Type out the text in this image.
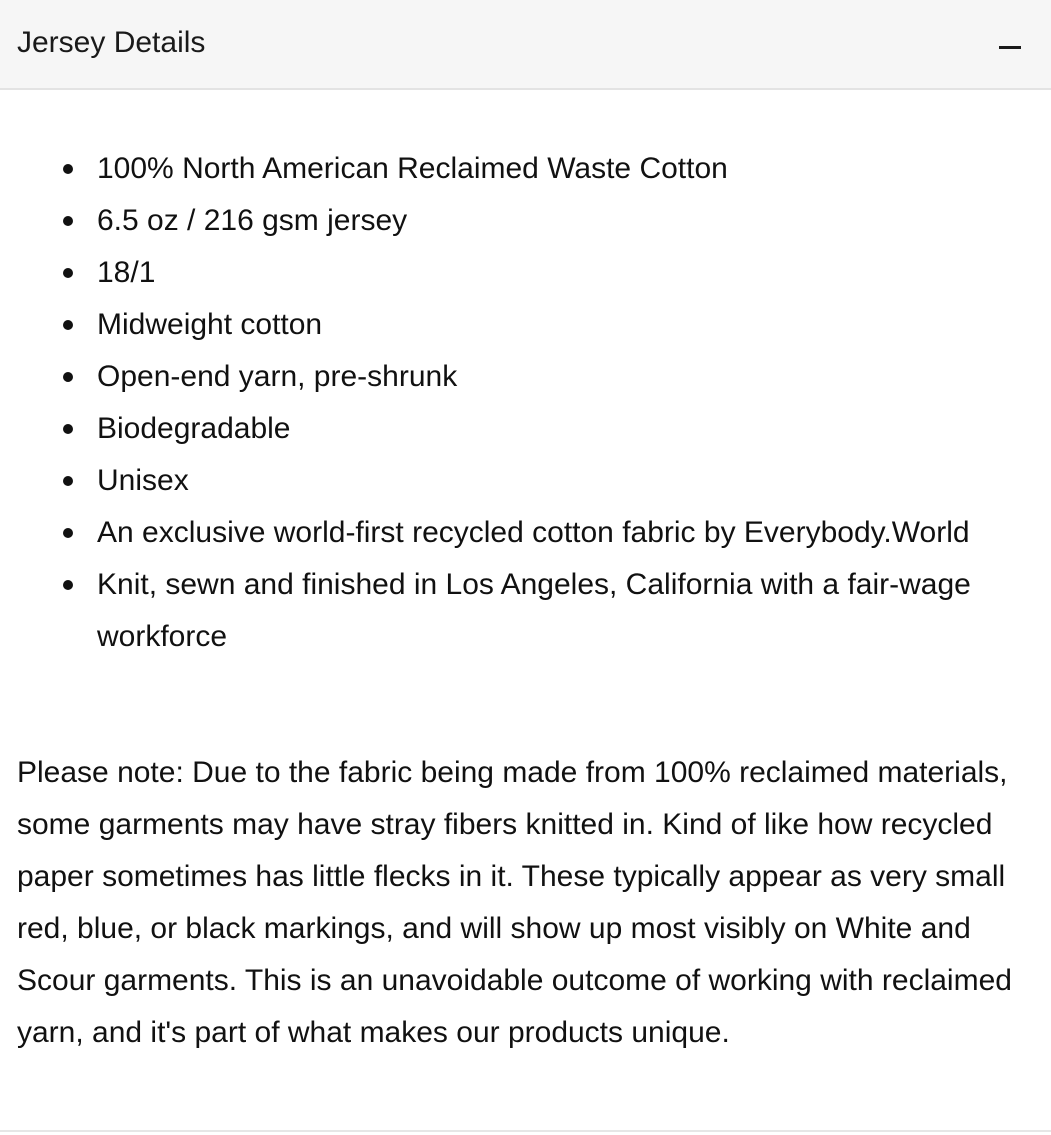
Jersey Details
100% North American Reclaimed Waste Cotton
6.5 oz / 216 gsm jersey
18/1
Midweight cotton
Open-end yarn, pre-shrunk
Biodegradable
Unisex
An exclusive world-first recycled cotton fabric by Everybody.World
Knit, sewn and finished in Los Angeles, California with a fair-wage workforce

Please note: Due to the fabric being made from 100% reclaimed materials, some garments may have stray fibers knitted in. Kind of like how recycled paper sometimes has little flecks in it. These typically appear as very small red, blue, or black markings, and will show up most visibly on White and Scour garments. This is an unavoidable outcome of working with reclaimed yarn, and it's part of what makes our products unique.
